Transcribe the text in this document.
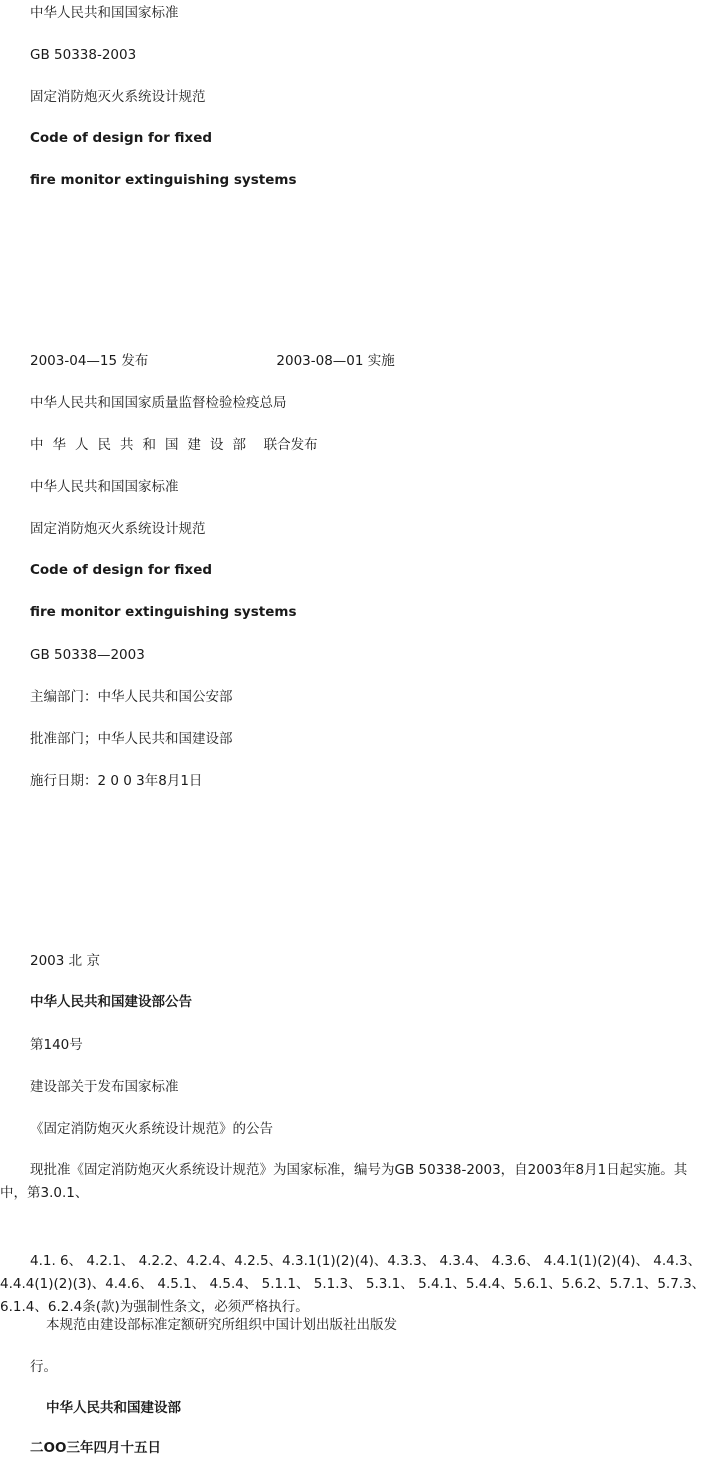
中华人民共和国国家标准
GB 50338-2003
固定消防炮灭火系统设计规范
Code of design for fixed
fire monitor extinguishing systems
2003-04—15 发布	2003-08—01 实施
中华人民共和国国家质量监督检验检疫总局
中华人民共和国建设部 联合发布
中华人民共和国国家标准
固定消防炮灭火系统设计规范
Code of design for fixed
fire monitor extinguishing systems
GB 50338—2003
主编部门：中华人民共和国公安部
批准部门；中华人民共和国建设部
施行日期：2 0 0 3年8月1日
2003 北 京
中华人民共和国建设部公告
第140号
建设部关于发布国家标准
《固定消防炮灭火系统设计规范》的公告
现批准《固定消防炮灭火系统设计规范》为国家标准，编号为GB 50338-2003，自2003年8月1日起实施。其中，第3.0.1、
4.1. 6、 4.2.1、 4.2.2、4.2.4、4.2.5、4.3.1(1)(2)(4)、4.3.3、 4.3.4、 4.3.6、 4.4.1(1)(2)(4)、 4.4.3、 4.4.4(1)(2)(3)、4.4.6、 4.5.1、 4.5.4、 5.1.1、 5.1.3、 5.3.1、 5.4.1、5.4.4、5.6.1、5.6.2、5.7.1、5.7.3、6.1.4、6.2.4条(款)为强制性条文，必须严格执行。
本规范由建设部标准定额研究所组织中国计划出版社出版发
行。
中华人民共和国建设部
二OO三年四月十五日
